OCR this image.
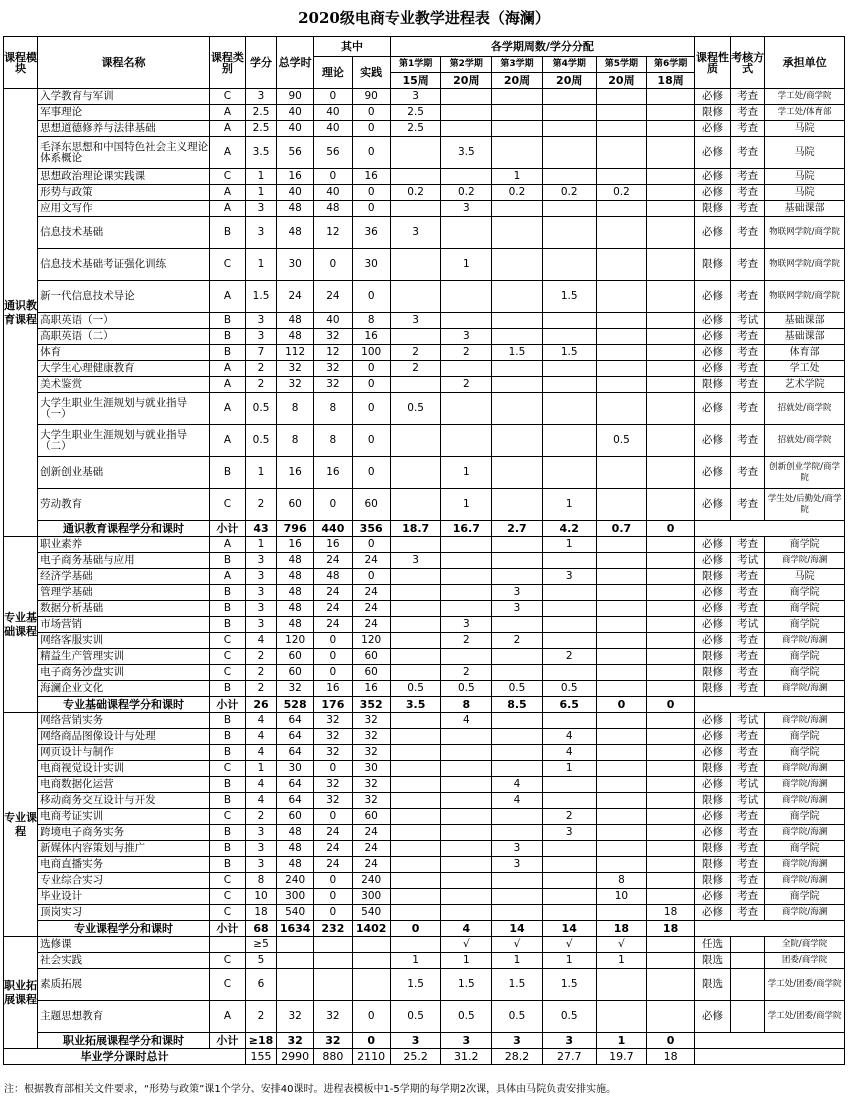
2020级电商专业教学进程表（海澜）
课程模块	课程名称	课程类别	学分	总学时	其中		各学期周数/学分分配						课程性质	考核方式	承担单位
					理论	实践	第1学期	第2学期	第3学期	第4学期	第5学期	第6学期			
							15周	20周	20周	20周	20周	18周			
通识教育课程	入学教育与军训	C	3	90	0	90	3						必修	考查	学工处/商学院
	军事理论	A	2.5	40	40	0	2.5						限修	考查	学工处/体育部
	思想道德修养与法律基础	A	2.5	40	40	0	2.5						必修	考查	马院
	毛泽东思想和中国特色社会主义理论体系概论	A	3.5	56	56	0		3.5					必修	考查	马院
	思想政治理论课实践课	C	1	16	0	16			1				必修	考查	马院
	形势与政策	A	1	40	40	0	0.2	0.2	0.2	0.2	0.2		必修	考查	马院
	应用文写作	A	3	48	48	0		3					限修	考查	基础课部
	信息技术基础	B	3	48	12	36	3						必修	考查	物联网学院/商学院
	信息技术基础考证强化训练	C	1	30	0	30		1					限修	考查	物联网学院/商学院
	新一代信息技术导论	A	1.5	24	24	0				1.5			必修	考查	物联网学院/商学院
	高职英语（一）	B	3	48	40	8	3						必修	考试	基础课部
	高职英语（二）	B	3	48	32	16		3					必修	考查	基础课部
	体育	B	7	112	12	100	2	2	1.5	1.5			必修	考查	体育部
	大学生心理健康教育	A	2	32	32	0	2						必修	考查	学工处
	美术鉴赏	A	2	32	32	0		2					限修	考查	艺术学院
	大学生职业生涯规划与就业指导（一）	A	0.5	8	8	0	0.5						必修	考查	招就处/商学院
	大学生职业生涯规划与就业指导（二）	A	0.5	8	8	0					0.5		必修	考查	招就处/商学院
	创新创业基础	B	1	16	16	0		1					必修	考查	创新创业学院/商学院
	劳动教育	C	2	60	0	60		1		1			必修	考查	学生处/后勤处/商学院
	通识教育课程学分和课时	小计	43	796	440	356	18.7	16.7	2.7	4.2	0.7	0			
专业基础课程	职业素养	A	1	16	16	0				1			必修	考查	商学院
	电子商务基础与应用	B	3	48	24	24	3						必修	考试	商学院/海澜
	经济学基础	A	3	48	48	0				3			限修	考查	马院
	管理学基础	B	3	48	24	24			3				必修	考查	商学院
	数据分析基础	B	3	48	24	24			3				必修	考查	商学院
	市场营销	B	3	48	24	24		3					必修	考试	商学院
	网络客服实训	C	4	120	0	120		2	2				必修	考查	商学院/海澜
	精益生产管理实训	C	2	60	0	60				2			限修	考查	商学院
	电子商务沙盘实训	C	2	60	0	60		2					限修	考查	商学院
	海澜企业文化	B	2	32	16	16	0.5	0.5	0.5	0.5			限修	考查	商学院/海澜
	专业基础课程学分和课时	小计	26	528	176	352	3.5	8	8.5	6.5	0	0			
专业课程	网络营销实务	B	4	64	32	32		4					必修	考试	商学院/海澜
	网络商品图像设计与处理	B	4	64	32	32				4			必修	考查	商学院
	网页设计与制作	B	4	64	32	32				4			必修	考查	商学院
	电商视觉设计实训	C	1	30	0	30				1			限修	考查	商学院/海澜
	电商数据化运营	B	4	64	32	32			4				必修	考试	商学院/海澜
	移动商务交互设计与开发	B	4	64	32	32			4				限修	考试	商学院/海澜
	电商考证实训	C	2	60	0	60				2			必修	考查	商学院
	跨境电子商务实务	B	3	48	24	24				3			必修	考查	商学院/海澜
	新媒体内容策划与推广	B	3	48	24	24			3				限修	考查	商学院
	电商直播实务	B	3	48	24	24			3				限修	考查	商学院/海澜
	专业综合实习	C	8	240	0	240					8		限修	考查	商学院/海澜
	毕业设计	C	10	300	0	300					10		必修	考查	商学院
	顶岗实习	C	18	540	0	540						18	必修	考查	商学院/海澜
	专业课程学分和课时	小计	68	1634	232	1402	0	4	14	14	18	18			
职业拓展课程	选修课		≥5					√	√	√	√		任选		全院/商学院
	社会实践	C	5				1	1	1	1	1		限选		团委/商学院
	素质拓展	C	6				1.5	1.5	1.5	1.5			限选		学工处/团委/商学院
	主题思想教育	A	2	32	32	0	0.5	0.5	0.5	0.5			必修		学工处/团委/商学院
	职业拓展课程学分和课时	小计	≥18	32	32	0	3	3	3	3	1	0			
毕业学分课时总计			155	2990	880	2110	25.2	31.2	28.2	27.7	19.7	18			
注：根据教育部相关文件要求，“形势与政策”课1个学分、安排40课时。进程表模板中1-5学期的每学期2次课，具体由马院负责安排实施。
